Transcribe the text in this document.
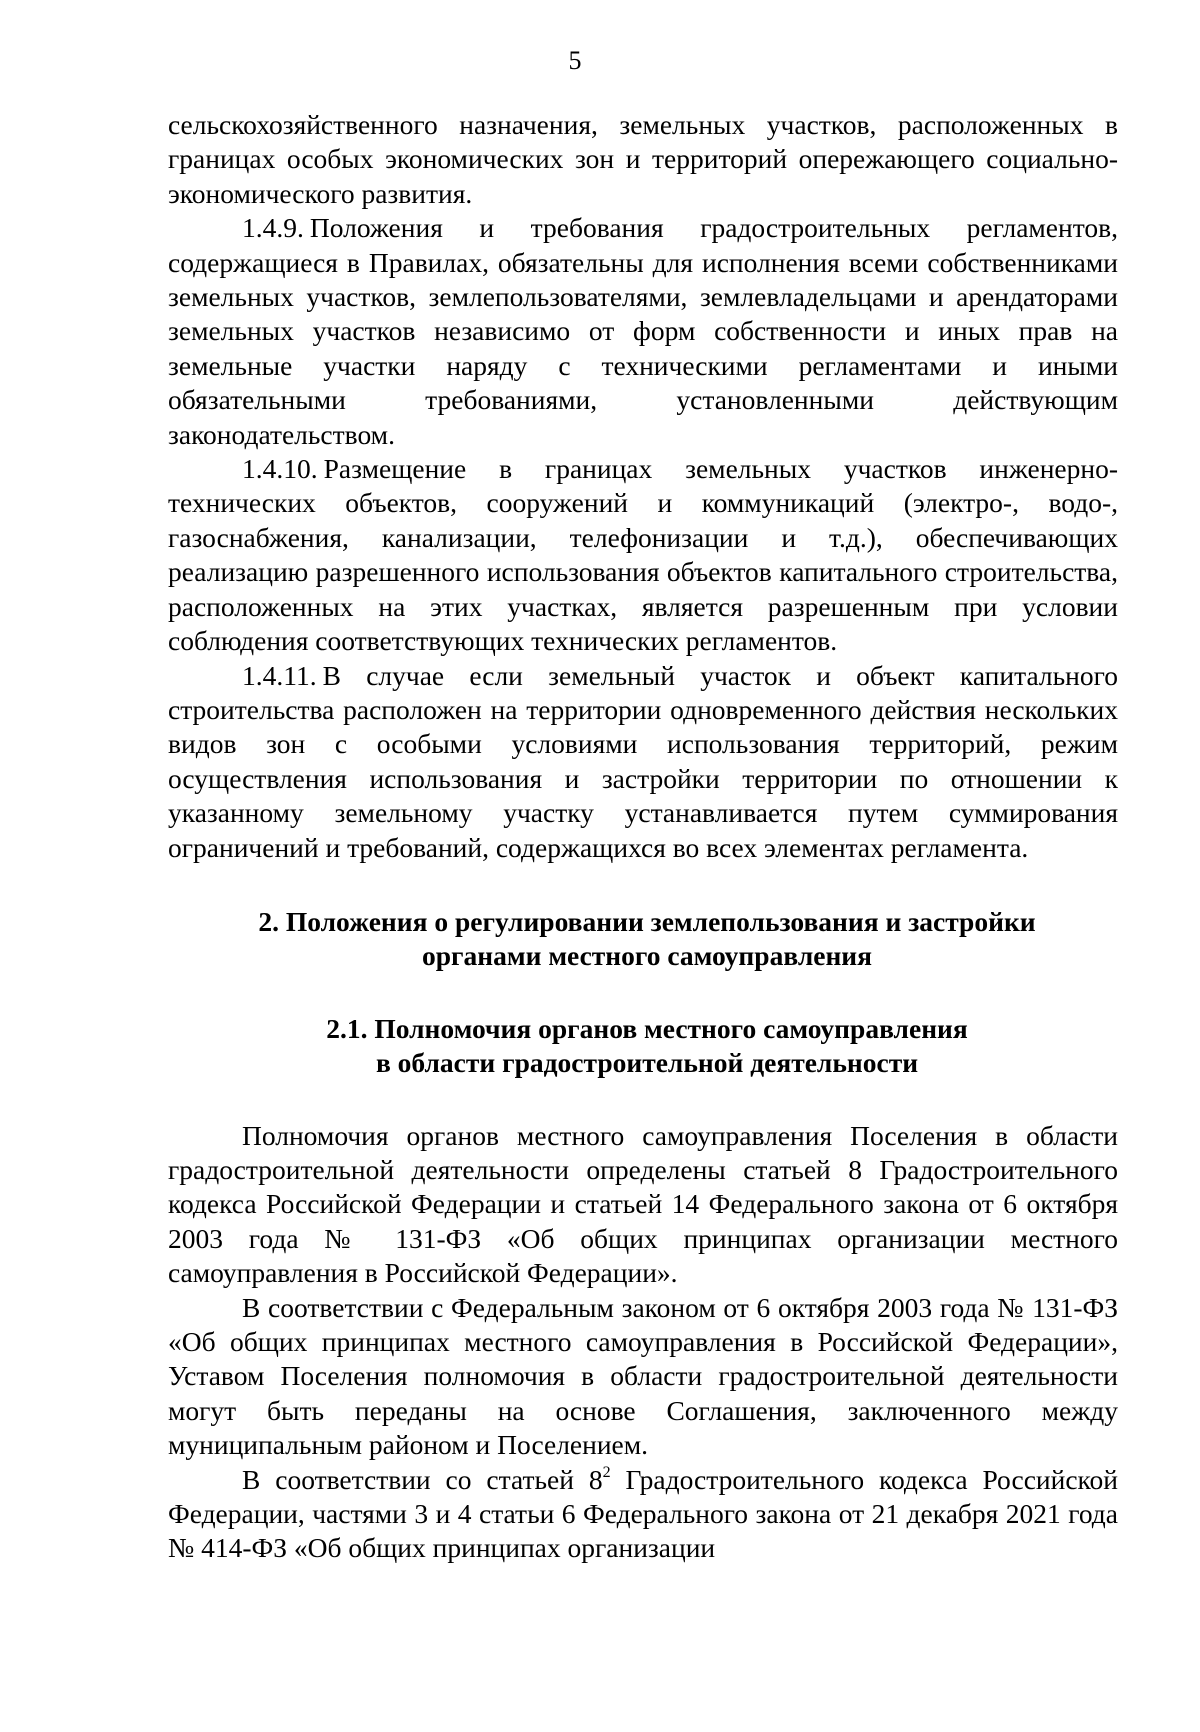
5

сельскохозяйственного назначения, земельных участков, расположенных в границах особых экономических зон и территорий опережающего социально-экономического развития.

1.4.9. Положения и требования градостроительных регламентов, содержащиеся в Правилах, обязательны для исполнения всеми собственниками земельных участков, землепользователями, землевладельцами и арендаторами земельных участков независимо от форм собственности и иных прав на земельные участки наряду с техническими регламентами и иными обязательными требованиями, установленными действующим законодательством.

1.4.10. Размещение в границах земельных участков инженерно-технических объектов, сооружений и коммуникаций (электро-, водо-, газоснабжения, канализации, телефонизации и т.д.), обеспечивающих реализацию разрешенного использования объектов капитального строительства, расположенных на этих участках, является разрешенным при условии соблюдения соответствующих технических регламентов.

1.4.11. В случае если земельный участок и объект капитального строительства расположен на территории одновременного действия нескольких видов зон с особыми условиями использования территорий, режим осуществления использования и застройки территории по отношении к указанному земельному участку устанавливается путем суммирования ограничений и требований, содержащихся во всех элементах регламента.

2. Положения о регулировании землепользования и застройки
органами местного самоуправления
2.1. Полномочия органов местного самоуправления
в области градостроительной деятельности

Полномочия органов местного самоуправления Поселения в области градостроительной деятельности определены статьей 8 Градостроительного кодекса Российской Федерации и статьей 14 Федерального закона от 6 октября 2003 года № 131-ФЗ «Об общих принципах организации местного самоуправления в Российской Федерации».

В соответствии с Федеральным законом от 6 октября 2003 года № 131-ФЗ «Об общих принципах местного самоуправления в Российской Федерации», Уставом Поселения полномочия в области градостроительной деятельности могут быть переданы на основе Соглашения, заключенного между муниципальным районом и Поселением.

В соответствии со статьей $8^2$ Градостроительного кодекса Российской Федерации, частями 3 и 4 статьи 6 Федерального закона от 21 декабря 2021 года № 414-ФЗ «Об общих принципах организации
